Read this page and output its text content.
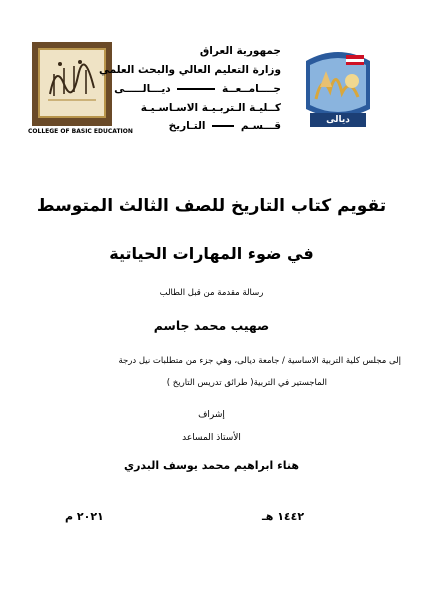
COLLEGE OF BASIC EDUCATION
ديالى
جمهورية العراق
وزارة التعليم العالي والبحث العلمي
جــــامــعــة  ديـــالـــــى
كــليـة الـتربـيـة الاسـاسـيـة
قـــسـم  التـاريخ
تقويم كتاب التاريخ للصف الثالث المتوسط
في ضوء المهارات الحياتية
رسالة مقدمة من قبل الطالب
صهيب محمد جاسم
إلى مجلس كلية التربية الاساسية / جامعة ديالى، وهي جزء من متطلبات نيل درجة
الماجستير في التربية( طرائق تدريس التاريخ )
إشراف
الأستاذ المساعد
هناء ابراهيم محمد يوسف البدري
١٤٤٢ هـ
٢٠٢١ م
